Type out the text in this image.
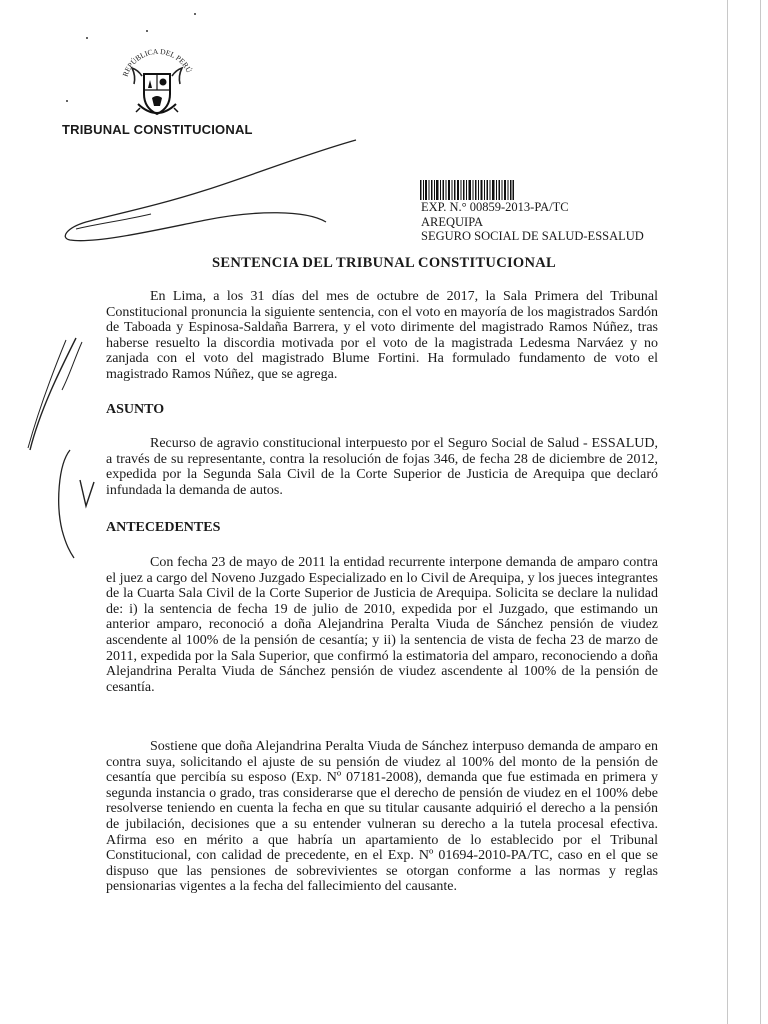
REPÚBLICA DEL PERÚ
TRIBUNAL CONSTITUCIONAL
EXP. N.° 00859-2013-PA/TC
AREQUIPA
SEGURO SOCIAL DE SALUD-ESSALUD
SENTENCIA DEL TRIBUNAL CONSTITUCIONAL

En Lima, a los 31 días del mes de octubre de 2017, la Sala Primera del Tribunal Constitucional pronuncia la siguiente sentencia, con el voto en mayoría de los magistrados Sardón de Taboada y Espinosa-Saldaña Barrera, y el voto dirimente del magistrado Ramos Núñez, tras haberse resuelto la discordia motivada por el voto de la magistrada Ledesma Narváez y no zanjada con el voto del magistrado Blume Fortini. Ha formulado fundamento de voto el magistrado Ramos Núñez, que se agrega.

ASUNTO

Recurso de agravio constitucional interpuesto por el Seguro Social de Salud - ESSALUD, a través de su representante, contra la resolución de fojas 346, de fecha 28 de diciembre de 2012, expedida por la Segunda Sala Civil de la Corte Superior de Justicia de Arequipa que declaró infundada la demanda de autos.

ANTECEDENTES

Con fecha 23 de mayo de 2011 la entidad recurrente interpone demanda de amparo contra el juez a cargo del Noveno Juzgado Especializado en lo Civil de Arequipa, y los jueces integrantes de la Cuarta Sala Civil de la Corte Superior de Justicia de Arequipa. Solicita se declare la nulidad de: i) la sentencia de fecha 19 de julio de 2010, expedida por el Juzgado, que estimando un anterior amparo, reconoció a doña Alejandrina Peralta Viuda de Sánchez pensión de viudez ascendente al 100% de la pensión de cesantía; y ii) la sentencia de vista de fecha 23 de marzo de 2011, expedida por la Sala Superior, que confirmó la estimatoria del amparo, reconociendo a doña Alejandrina Peralta Viuda de Sánchez pensión de viudez ascendente al 100% de la pensión de cesantía.

Sostiene que doña Alejandrina Peralta Viuda de Sánchez interpuso demanda de amparo en contra suya, solicitando el ajuste de su pensión de viudez al 100% del monto de la pensión de cesantía que percibía su esposo (Exp. Nº 07181-2008), demanda que fue estimada en primera y segunda instancia o grado, tras considerarse que el derecho de pensión de viudez en el 100% debe resolverse teniendo en cuenta la fecha en que su titular causante adquirió el derecho a la pensión de jubilación, decisiones que a su entender vulneran su derecho a la tutela procesal efectiva. Afirma eso en mérito a que habría un apartamiento de lo establecido por el Tribunal Constitucional, con calidad de precedente, en el Exp. Nº 01694-2010-PA/TC, caso en el que se dispuso que las pensiones de sobrevivientes se otorgan conforme a las normas y reglas pensionarias vigentes a la fecha del fallecimiento del causante.
